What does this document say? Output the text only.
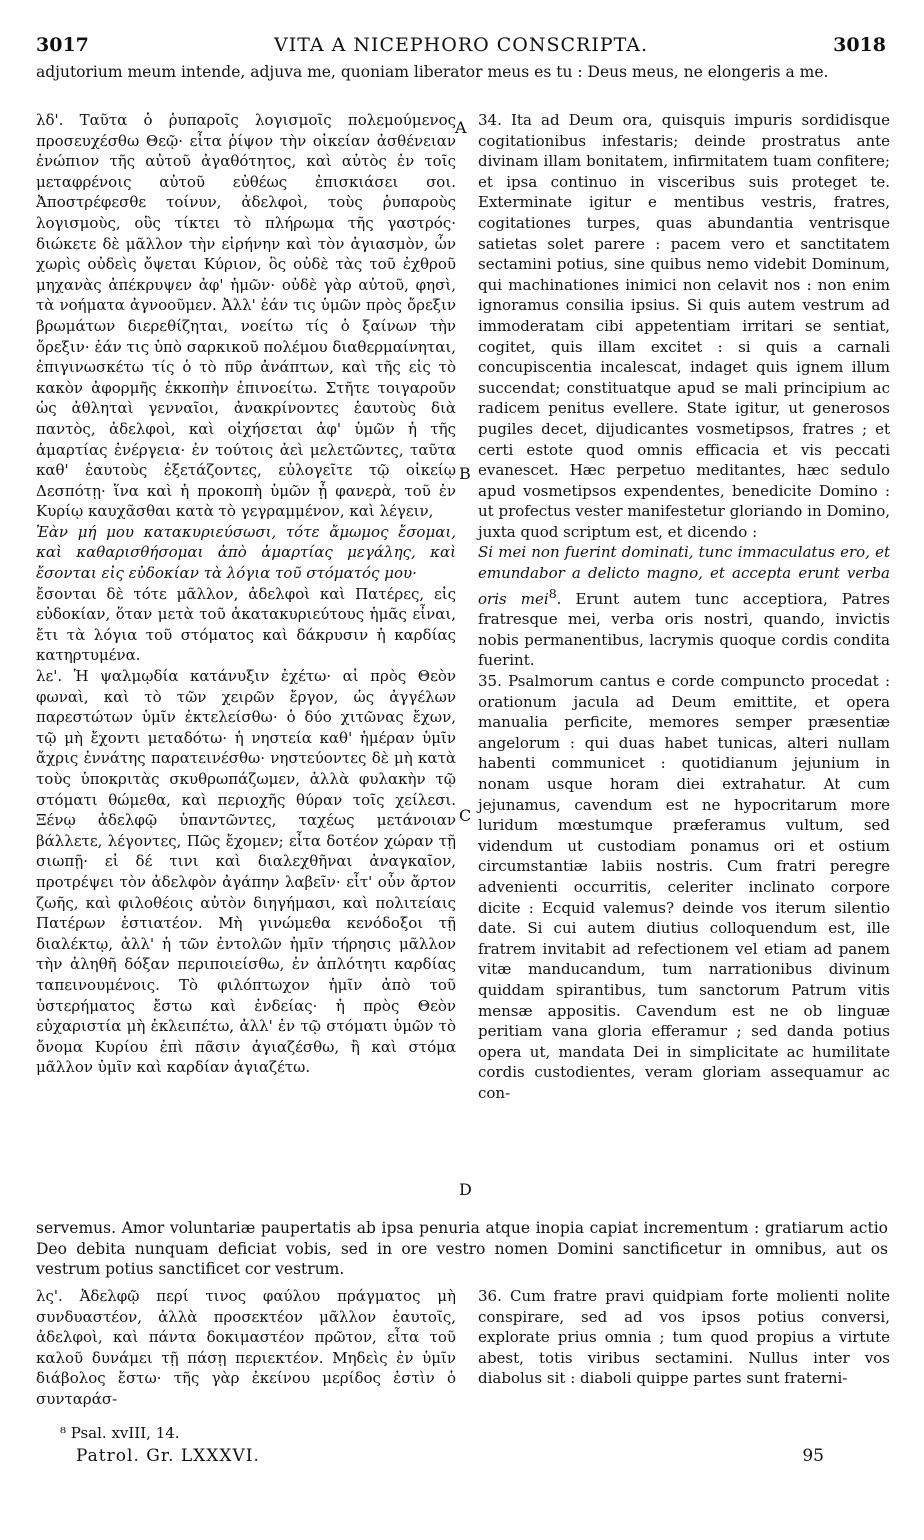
3017	VITA A NICEPHORO CONSCRIPTA.	3018

adjutorium meum intende, adjuva me, quoniam liberator meus es tu : Deus meus, ne elongeris a me.

λδ'. Ταῦτα ὁ ῥυπαροῖς λογισμοῖς πολεμούμενος προσευχέσθω Θεῷ· εἶτα ῥίψον τὴν οἰκείαν ἀσθένειαν ἐνώπιον τῆς αὐτοῦ ἀγαθότητος, καὶ αὐτὸς ἐν τοῖς μεταφρένοις αὐτοῦ εὐθέως ἐπισκιάσει σοι. Ἀποστρέφεσθε τοίνυν, ἀδελφοὶ, τοὺς ῥυπαροὺς λογισμοὺς, οὓς τίκτει τὸ πλήρωμα τῆς γαστρός· διώκετε δὲ μᾶλλον τὴν εἰρήνην καὶ τὸν ἁγιασμὸν, ὧν χωρὶς οὐδεὶς ὄψεται Κύριον, ὃς οὐδὲ τὰς τοῦ ἐχθροῦ μηχανὰς ἀπέκρυψεν ἀφ' ἡμῶν· οὐδὲ γὰρ αὐτοῦ, φησὶ, τὰ νοήματα ἀγνοοῦμεν. Ἀλλ' ἐάν τις ὑμῶν πρὸς ὄρεξιν βρωμάτων διερεθίζηται, νοείτω τίς ὁ ξαίνων τὴν ὄρεξιν· ἐάν τις ὑπὸ σαρκικοῦ πολέμου διαθερμαίνηται, ἐπιγινωσκέτω τίς ὁ τὸ πῦρ ἀνάπτων, καὶ τῆς εἰς τὸ κακὸν ἀφορμῆς ἐκκοπὴν ἐπινοείτω. Στῆτε τοιγαροῦν ὡς ἀθληταὶ γενναῖοι, ἀνακρίνοντες ἑαυτοὺς διὰ παντὸς, ἀδελφοὶ, καὶ οἰχήσεται ἀφ' ὑμῶν ἡ τῆς ἁμαρτίας ἐνέργεια· ἐν τούτοις ἀεὶ μελετῶντες, ταῦτα καθ' ἑαυτοὺς ἐξετάζοντες, εὐλογεῖτε τῷ οἰκείῳ Δεσπότῃ· ἵνα καὶ ἡ προκοπὴ ὑμῶν ᾖ φανερὰ, τοῦ ἐν Κυρίῳ καυχᾶσθαι κατὰ τὸ γεγραμμένον, καὶ λέγειν,

Ἐὰν μή μου κατακυριεύσωσι, τότε ἄμωμος ἔσομαι, καὶ καθαρισθήσομαι ἀπὸ ἁμαρτίας μεγάλης, καὶ ἔσονται εἰς εὐδοκίαν τὰ λόγια τοῦ στόματός μου·

ἔσονται δὲ τότε μᾶλλον, ἀδελφοὶ καὶ Πατέρες, εἰς εὐδοκίαν, ὅταν μετὰ τοῦ ἀκατακυριεύτους ἡμᾶς εἶναι, ἔτι τὰ λόγια τοῦ στόματος καὶ δάκρυσιν ἡ καρδίας κατηρτυμένα.

λε'. Ἡ ψαλμῳδία κατάνυξιν ἐχέτω· αἱ πρὸς Θεὸν φωναὶ, καὶ τὸ τῶν χειρῶν ἔργον, ὡς ἀγγέλων παρεστώτων ὑμῖν ἐκτελείσθω· ὁ δύο χιτῶνας ἔχων, τῷ μὴ ἔχοντι μεταδότω· ἡ νηστεία καθ' ἡμέραν ὑμῖν ἄχρις ἐννάτης παρατεινέσθω· νηστεύοντες δὲ μὴ κατὰ τοὺς ὑποκριτὰς σκυθρωπάζωμεν, ἀλλὰ φυλακὴν τῷ στόματι θώμεθα, καὶ περιοχῆς θύραν τοῖς χείλεσι. Ξένῳ ἀδελφῷ ὑπαντῶντες, ταχέως μετάνοιαν βάλλετε, λέγοντες, Πῶς ἔχομεν; εἶτα δοτέον χώραν τῇ σιωπῇ· εἰ δέ τινι καὶ διαλεχθῆναι ἀναγκαῖον, προτρέψει τὸν ἀδελφὸν ἀγάπην λαβεῖν· εἶτ' οὖν ἄρτον ζωῆς, καὶ φιλοθέοις αὐτὸν διηγήμασι, καὶ πολιτείαις Πατέρων ἑστιατέον. Μὴ γινώμεθα κενόδοξοι τῇ διαλέκτῳ, ἀλλ' ἡ τῶν ἐντολῶν ἡμῖν τήρησις μᾶλλον τὴν ἀληθῆ δόξαν περιποιείσθω, ἐν ἁπλότητι καρδίας ταπεινουμένοις. Τὸ φιλόπτωχον ἡμῖν ἀπὸ τοῦ ὑστερήματος ἔστω καὶ ἐνδείας· ἡ πρὸς Θεὸν εὐχαριστία μὴ ἐκλειπέτω, ἀλλ' ἐν τῷ στόματι ὑμῶν τὸ ὄνομα Κυρίου ἐπὶ πᾶσιν ἁγιαζέσθω, ἢ καὶ στόμα μᾶλλον ὑμῖν καὶ καρδίαν ἁγιαζέτω.

34. Ita ad Deum ora, quisquis impuris sordidisque cogitationibus infestaris; deinde prostratus ante divinam illam bonitatem, infirmitatem tuam confitere; et ipsa continuo in visceribus suis proteget te. Exterminate igitur e mentibus vestris, fratres, cogitationes turpes, quas abundantia ventrisque satietas solet parere : pacem vero et sanctitatem sectamini potius, sine quibus nemo videbit Dominum, qui machinationes inimici non celavit nos : non enim ignoramus consilia ipsius. Si quis autem vestrum ad immoderatam cibi appetentiam irritari se sentiat, cogitet, quis illam excitet : si quis a carnali concupiscentia incalescat, indaget quis ignem illum succendat; constituatque apud se mali principium ac radicem penitus evellere. State igitur, ut generosos pugiles decet, dijudicantes vosmetipsos, fratres ; et certi estote quod omnis efficacia et vis peccati evanescet. Hæc perpetuo meditantes, hæc sedulo apud vosmetipsos expendentes, benedicite Domino : ut profectus vester manifestetur gloriando in Domino, juxta quod scriptum est, et dicendo :

Si mei non fuerint dominati, tunc immaculatus ero, et emundabor a delicto magno, et accepta erunt verba oris mei$^8$. Erunt autem tunc acceptiora, Patres fratresque mei, verba oris nostri, quando, invictis nobis permanentibus, lacrymis quoque cordis condita fuerint.

35. Psalmorum cantus e corde compuncto procedat : orationum jacula ad Deum emittite, et opera manualia perficite, memores semper præsentiæ angelorum : qui duas habet tunicas, alteri nullam habenti communicet : quotidianum jejunium in nonam usque horam dieі extrahatur. At cum jejunamus, cavendum est ne hypocritarum more luridum mœstumque præferamus vultum, sed videndum ut custodiam ponamus ori et ostium circumstantiæ labiis nostris. Cum fratri peregre advenienti occurritis, celeriter inclinato corpore dicite : Ecquid valemus? deinde vos iterum silentio date. Si cui autem diutius colloquendum est, ille fratrem invitabit ad refectionem vel etiam ad panem vitæ manducandum, tum narrationibus divinum quiddam spirantibus, tum sanctorum Patrum vitis mensæ appositis. Cavendum est ne ob linguæ peritiam vana gloria efferamur ; sed danda potius opera ut, mandata Dei in simplicitate ac humilitate cordis custodientes, veram gloriam assequamur ac con-

A
B
C
D

servemus. Amor voluntariæ paupertatis ab ipsa penuria atque inopia capiat incrementum : gratiarum actio Deo debita nunquam deficiat vobis, sed in ore vestro nomen Domini sanctificetur in omnibus, aut os vestrum potius sanctificet cor vestrum.

λς'. Ἀδελφῷ περί τινος φαύλου πράγματος μὴ συνδυαστέον, ἀλλὰ προσεκτέον μᾶλλον ἑαυτοῖς, ἀδελφοὶ, καὶ πάντα δοκιμαστέον πρῶτον, εἶτα τοῦ καλοῦ δυνάμει τῇ πάσῃ περιεκτέον. Μηδεὶς ἐν ὑμῖν διάβολος ἔστω· τῆς γὰρ ἐκείνου μερίδος ἐστὶν ὁ συνταράσ-

36. Cum fratre pravi quidpiam forte molienti nolite conspirare, sed ad vos ipsos potius conversi, explorate prius omnia ; tum quod propius a virtute abest, totis viribus sectamini. Nullus inter vos diabolus sit : diaboli quippe partes sunt fraterni-

⁸ Psal. xvIII, 14.
Patrol. Gr. LXXXVI.	95
